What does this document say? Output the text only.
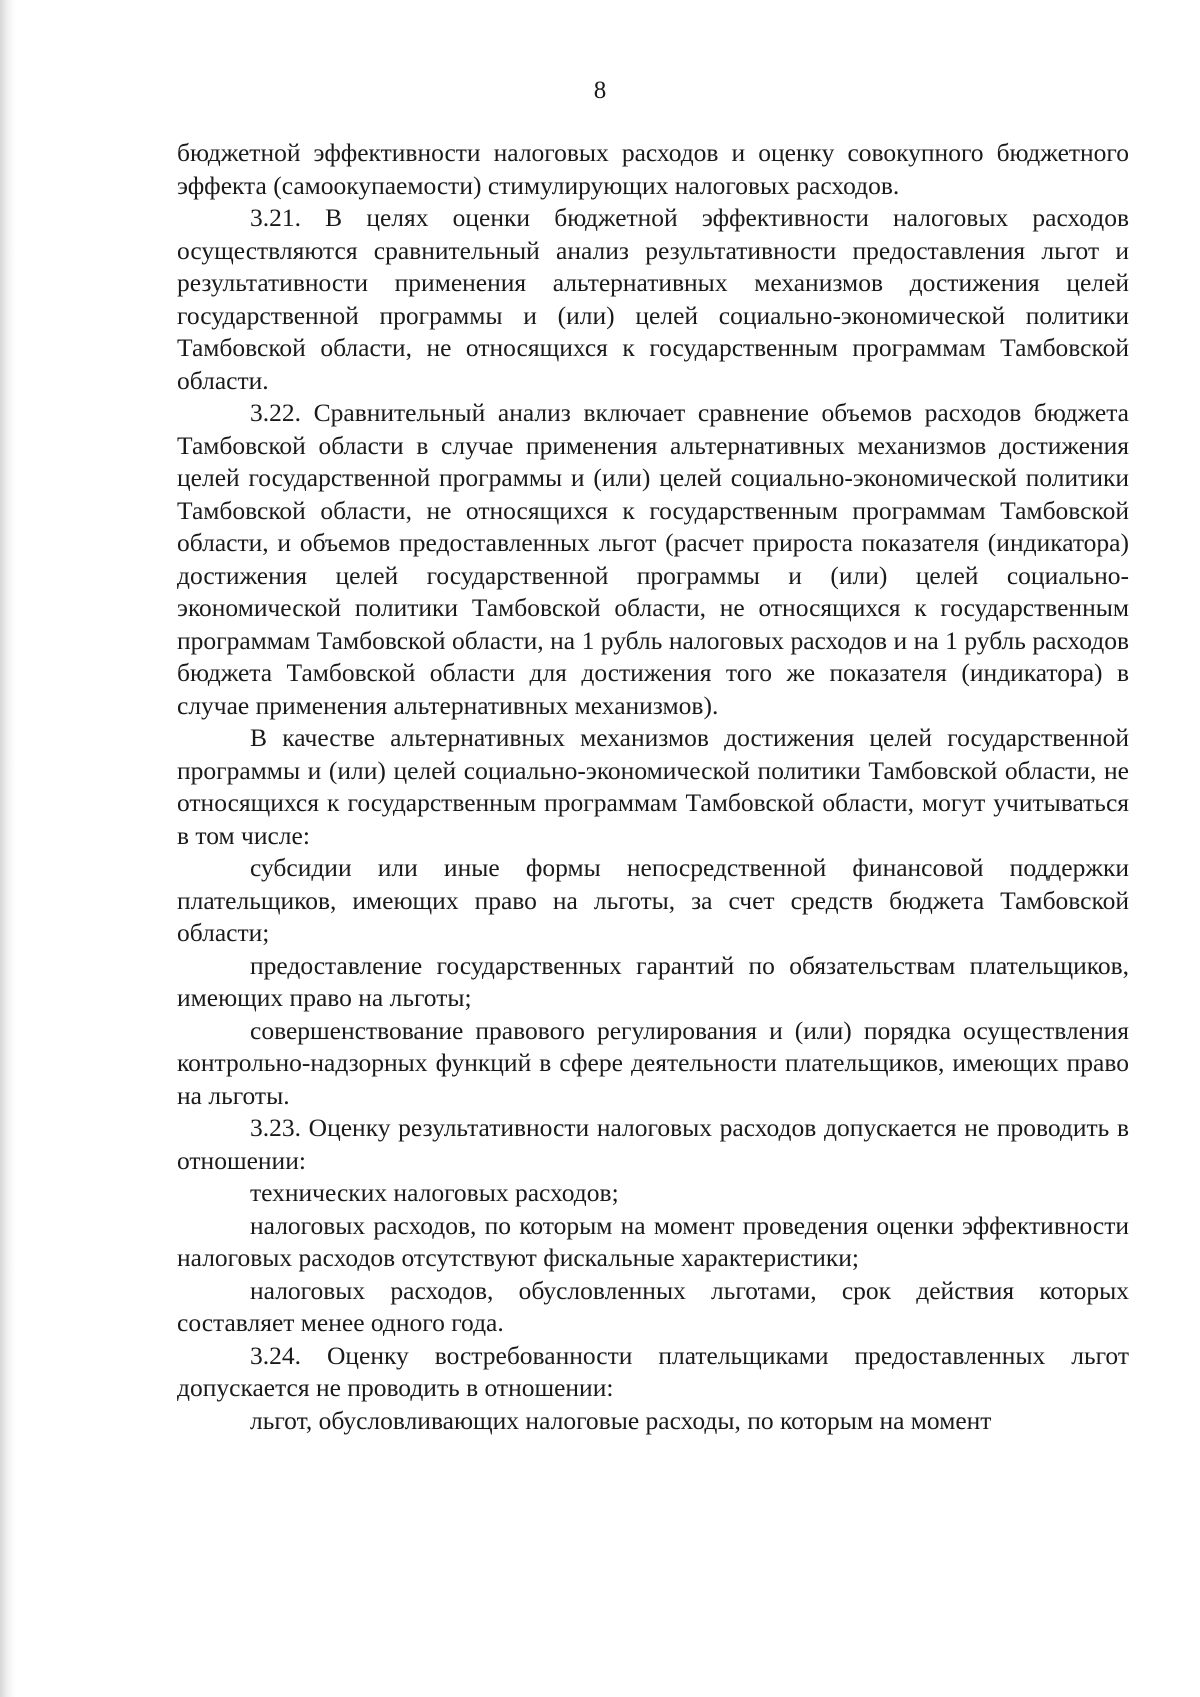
8

бюджетной эффективности налоговых расходов и оценку совокупного бюджетного эффекта (самоокупаемости) стимулирующих налоговых расходов.

3.21. В целях оценки бюджетной эффективности налоговых расходов осуществляются сравнительный анализ результативности предоставления льгот и результативности применения альтернативных механизмов достижения целей государственной программы и (или) целей социально-экономической политики Тамбовской области, не относящихся к государственным программам Тамбовской области.

3.22. Сравнительный анализ включает сравнение объемов расходов бюджета Тамбовской области в случае применения альтернативных механизмов достижения целей государственной программы и (или) целей социально-экономической политики Тамбовской области, не относящихся к государственным программам Тамбовской области, и объемов предоставленных льгот (расчет прироста показателя (индикатора) достижения целей государственной программы и (или) целей социально-экономической политики Тамбовской области, не относящихся к государственным программам Тамбовской области, на 1 рубль налоговых расходов и на 1 рубль расходов бюджета Тамбовской области для достижения того же показателя (индикатора) в случае применения альтернативных механизмов).

В качестве альтернативных механизмов достижения целей государственной программы и (или) целей социально-экономической политики Тамбовской области, не относящихся к государственным программам Тамбовской области, могут учитываться в том числе:

субсидии или иные формы непосредственной финансовой поддержки плательщиков, имеющих право на льготы, за счет средств бюджета Тамбовской области;

предоставление государственных гарантий по обязательствам плательщиков, имеющих право на льготы;

совершенствование правового регулирования и (или) порядка осуществления контрольно-надзорных функций в сфере деятельности плательщиков, имеющих право на льготы.

3.23. Оценку результативности налоговых расходов допускается не проводить в отношении:

технических налоговых расходов;

налоговых расходов, по которым на момент проведения оценки эффективности налоговых расходов отсутствуют фискальные характеристики;

налоговых расходов, обусловленных льготами, срок действия которых составляет менее одного года.

3.24. Оценку востребованности плательщиками предоставленных льгот допускается не проводить в отношении:

льгот, обусловливающих налоговые расходы, по которым на момент
